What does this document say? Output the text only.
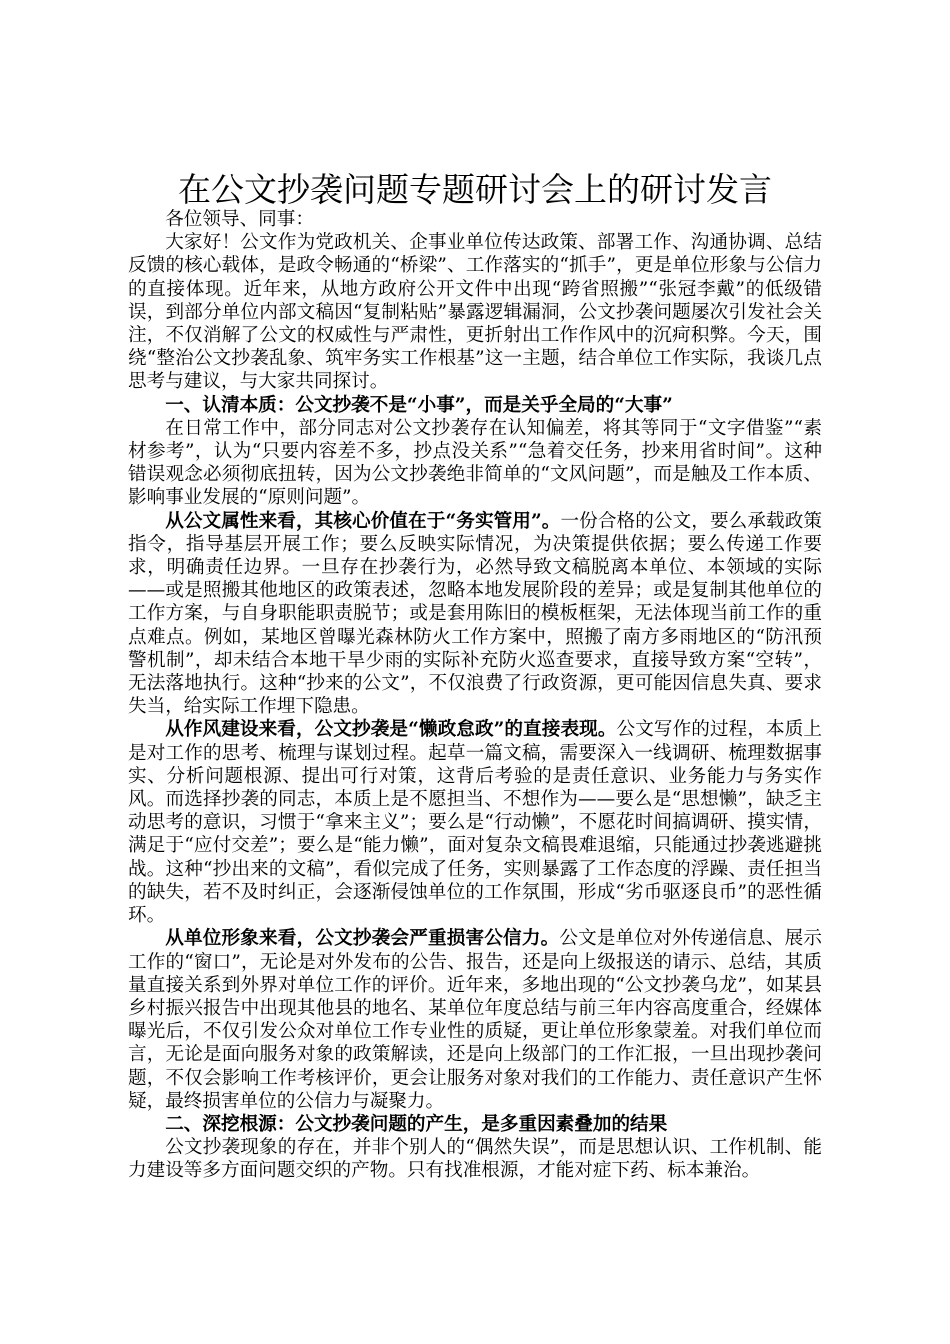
在公文抄袭问题专题研讨会上的研讨发言

各位领导、同事：

大家好！公文作为党政机关、企事业单位传达政策、部署工作、沟通协调、总结反馈的核心载体，是政令畅通的“桥梁”、工作落实的“抓手”，更是单位形象与公信力的直接体现。近年来，从地方政府公开文件中出现“跨省照搬”“张冠李戴”的低级错误，到部分单位内部文稿因“复制粘贴”暴露逻辑漏洞，公文抄袭问题屡次引发社会关注，不仅消解了公文的权威性与严肃性，更折射出工作作风中的沉疴积弊。今天，围绕“整治公文抄袭乱象、筑牢务实工作根基”这一主题，结合单位工作实际，我谈几点思考与建议，与大家共同探讨。

一、认清本质：公文抄袭不是“小事”，而是关乎全局的“大事”

在日常工作中，部分同志对公文抄袭存在认知偏差，将其等同于“文字借鉴”“素材参考”，认为“只要内容差不多，抄点没关系”“急着交任务，抄来用省时间”。这种错误观念必须彻底扭转，因为公文抄袭绝非简单的“文风问题”，而是触及工作本质、影响事业发展的“原则问题”。

从公文属性来看，其核心价值在于“务实管用”。一份合格的公文，要么承载政策指令，指导基层开展工作；要么反映实际情况，为决策提供依据；要么传递工作要求，明确责任边界。一旦存在抄袭行为，必然导致文稿脱离本单位、本领域的实际——或是照搬其他地区的政策表述，忽略本地发展阶段的差异；或是复制其他单位的工作方案，与自身职能职责脱节；或是套用陈旧的模板框架，无法体现当前工作的重点难点。例如，某地区曾曝光森林防火工作方案中，照搬了南方多雨地区的“防汛预警机制”，却未结合本地干旱少雨的实际补充防火巡查要求，直接导致方案“空转”，无法落地执行。这种“抄来的公文”，不仅浪费了行政资源，更可能因信息失真、要求失当，给实际工作埋下隐患。

从作风建设来看，公文抄袭是“懒政怠政”的直接表现。公文写作的过程，本质上是对工作的思考、梳理与谋划过程。起草一篇文稿，需要深入一线调研、梳理数据事实、分析问题根源、提出可行对策，这背后考验的是责任意识、业务能力与务实作风。而选择抄袭的同志，本质上是不愿担当、不想作为——要么是“思想懒”，缺乏主动思考的意识，习惯于“拿来主义”；要么是“行动懒”，不愿花时间搞调研、摸实情，满足于“应付交差”；要么是“能力懒”，面对复杂文稿畏难退缩，只能通过抄袭逃避挑战。这种“抄出来的文稿”，看似完成了任务，实则暴露了工作态度的浮躁、责任担当的缺失，若不及时纠正，会逐渐侵蚀单位的工作氛围，形成“劣币驱逐良币”的恶性循环。

从单位形象来看，公文抄袭会严重损害公信力。公文是单位对外传递信息、展示工作的“窗口”，无论是对外发布的公告、报告，还是向上级报送的请示、总结，其质量直接关系到外界对单位工作的评价。近年来，多地出现的“公文抄袭乌龙”，如某县乡村振兴报告中出现其他县的地名、某单位年度总结与前三年内容高度重合，经媒体曝光后，不仅引发公众对单位工作专业性的质疑，更让单位形象蒙羞。对我们单位而言，无论是面向服务对象的政策解读，还是向上级部门的工作汇报，一旦出现抄袭问题，不仅会影响工作考核评价，更会让服务对象对我们的工作能力、责任意识产生怀疑，最终损害单位的公信力与凝聚力。

二、深挖根源：公文抄袭问题的产生，是多重因素叠加的结果

公文抄袭现象的存在，并非个别人的“偶然失误”，而是思想认识、工作机制、能力建设等多方面问题交织的产物。只有找准根源，才能对症下药、标本兼治。
